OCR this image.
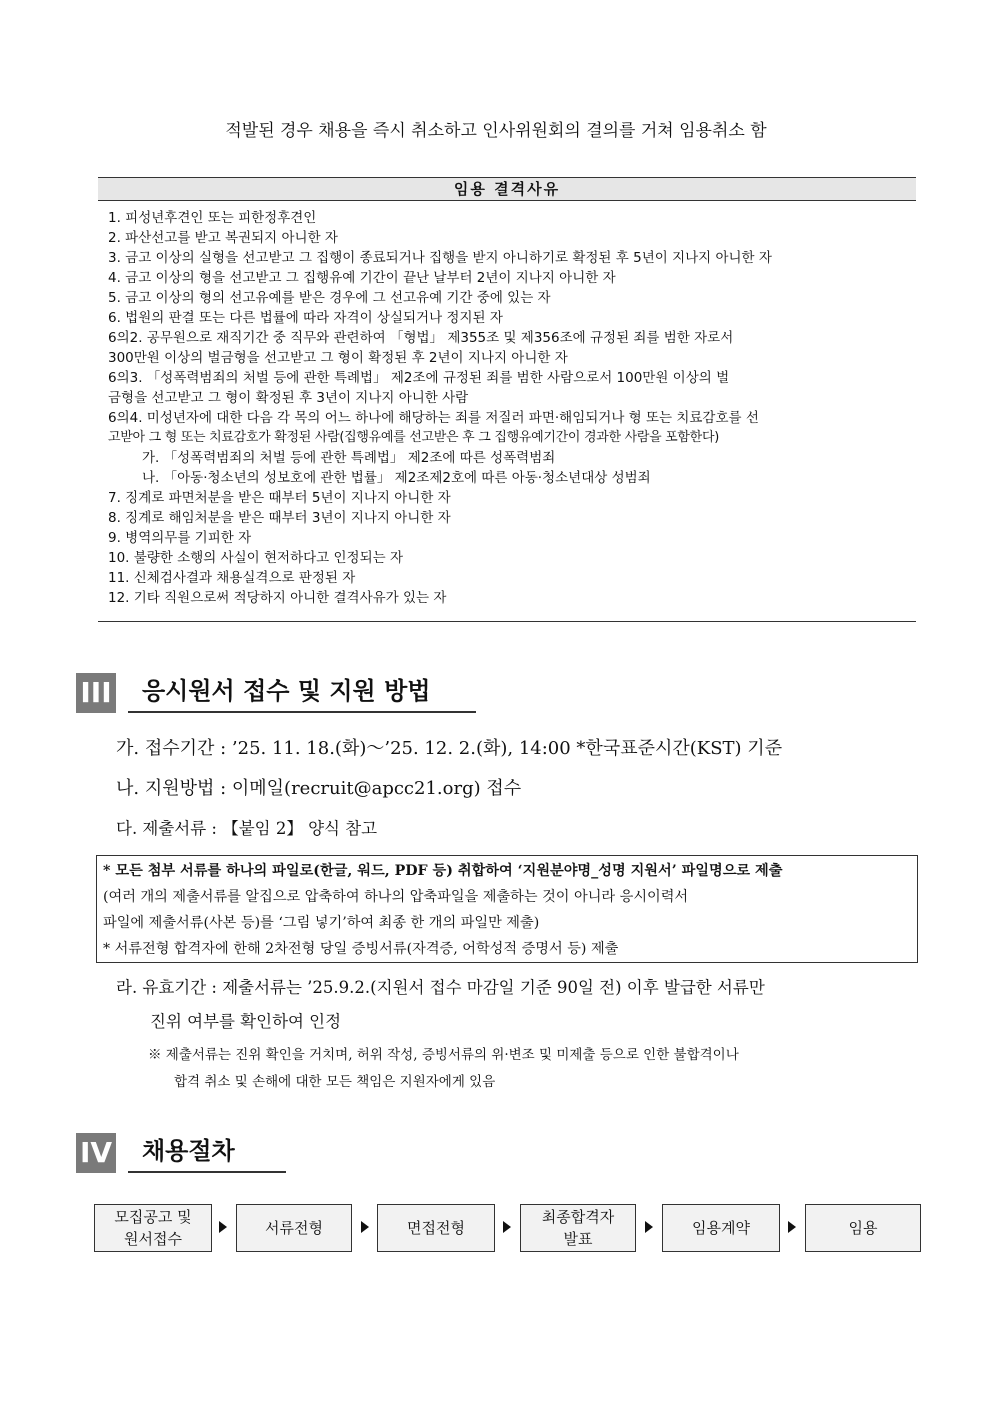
적발된 경우 채용을 즉시 취소하고 인사위원회의 결의를 거쳐 임용취소 함
임용 결격사유
1. 피성년후견인 또는 피한정후견인
2. 파산선고를 받고 복권되지 아니한 자
3. 금고 이상의 실형을 선고받고 그 집행이 종료되거나 집행을 받지 아니하기로 확정된 후 5년이 지나지 아니한 자
4. 금고 이상의 형을 선고받고 그 집행유예 기간이 끝난 날부터 2년이 지나지 아니한 자
5. 금고 이상의 형의 선고유예를 받은 경우에 그 선고유예 기간 중에 있는 자
6. 법원의 판결 또는 다른 법률에 따라 자격이 상실되거나 정지된 자
6의2. 공무원으로 재직기간 중 직무와 관련하여 「형법」 제355조 및 제356조에 규정된 죄를 범한 자로서
300만원 이상의 벌금형을 선고받고 그 형이 확정된 후 2년이 지나지 아니한 자
6의3. 「성폭력범죄의 처벌 등에 관한 특례법」 제2조에 규정된 죄를 범한 사람으로서 100만원 이상의 벌
금형을 선고받고 그 형이 확정된 후 3년이 지나지 아니한 사람
6의4. 미성년자에 대한 다음 각 목의 어느 하나에 해당하는 죄를 저질러 파면·해임되거나 형 또는 치료감호를 선
고받아 그 형 또는 치료감호가 확정된 사람(집행유예를 선고받은 후 그 집행유예기간이 경과한 사람을 포함한다)
가. 「성폭력범죄의 처벌 등에 관한 특례법」 제2조에 따른 성폭력범죄
나. 「아동·청소년의 성보호에 관한 법률」 제2조제2호에 따른 아동·청소년대상 성범죄
7. 징계로 파면처분을 받은 때부터 5년이 지나지 아니한 자
8. 징계로 해임처분을 받은 때부터 3년이 지나지 아니한 자
9. 병역의무를 기피한 자
10. 불량한 소행의 사실이 현저하다고 인정되는 자
11. 신체검사결과 채용실격으로 판정된 자
12. 기타 직원으로써 적당하지 아니한 결격사유가 있는 자
III	응시원서 접수 및 지원 방법
가. 접수기간 : ’25. 11. 18.(화)～’25. 12. 2.(화), 14:00 *한국표준시간(KST) 기준
나. 지원방법 : 이메일(recruit@apcc21.org) 접수
다. 제출서류 : 【붙임 2】 양식 참고
* 모든 첨부 서류를 하나의 파일로(한글, 워드, PDF 등) 취합하여 ‘지원분야명_성명 지원서’ 파일명으로 제출
(여러 개의 제출서류를 알집으로 압축하여 하나의 압축파일을 제출하는 것이 아니라 응시이력서
파일에 제출서류(사본 등)를 ‘그림 넣기’하여 최종 한 개의 파일만 제출)
* 서류전형 합격자에 한해 2차전형 당일 증빙서류(자격증, 어학성적 증명서 등) 제출
라. 유효기간 : 제출서류는 ’25.9.2.(지원서 접수 마감일 기준 90일 전) 이후 발급한 서류만
진위 여부를 확인하여 인정
※ 제출서류는 진위 확인을 거치며, 허위 작성, 증빙서류의 위·변조 및 미제출 등으로 인한 불합격이나
합격 취소 및 손해에 대한 모든 책임은 지원자에게 있음
IV	채용절차
모집공고 및
원서접수
서류전형	면접전형
최종합격자
발표
임용계약	임용
